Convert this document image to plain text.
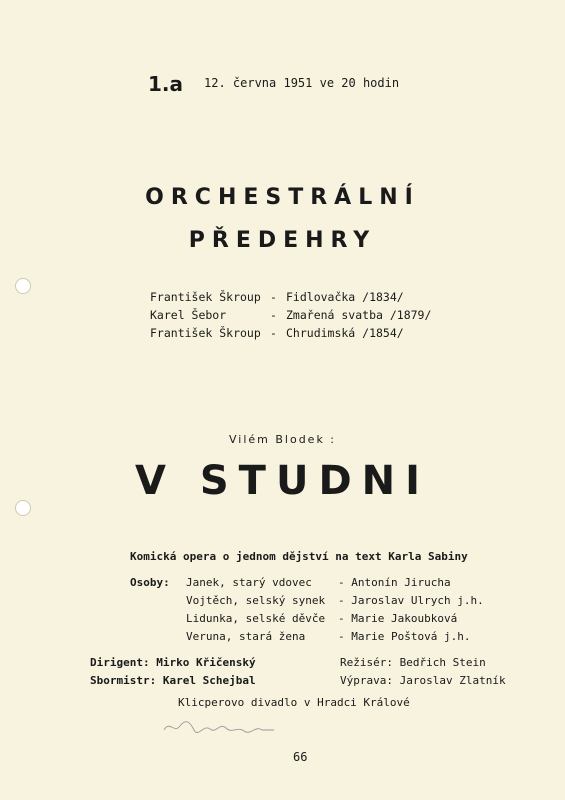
1.a 12. června 1951 ve 20 hodin
ORCHESTRÁLNÍ
PŘEDEHRY
František Škroup - Fidlovačka /1834/
Karel Šebor	- Zmařená svatba /1879/
František Škroup - Chrudimská /1854/
Vilém Blodek :
V STUDNI
Komická opera o jednom dějství na text Karla Sabiny
Osoby: Janek, starý vdovec - Antonín Jirucha
Vojtěch, selský synek - Jaroslav Ulrych j.h.
Lidunka, selské děvče - Marie Jakoubková
Veruna, stará žena	- Marie Poštová j.h.
Dirigent: Mirko Křičenský	Režisér: Bedřich Stein
Sbormistr: Karel Schejbal	Výprava: Jaroslav Zlatník
Klicperovo divadlo v Hradci Králové
66
